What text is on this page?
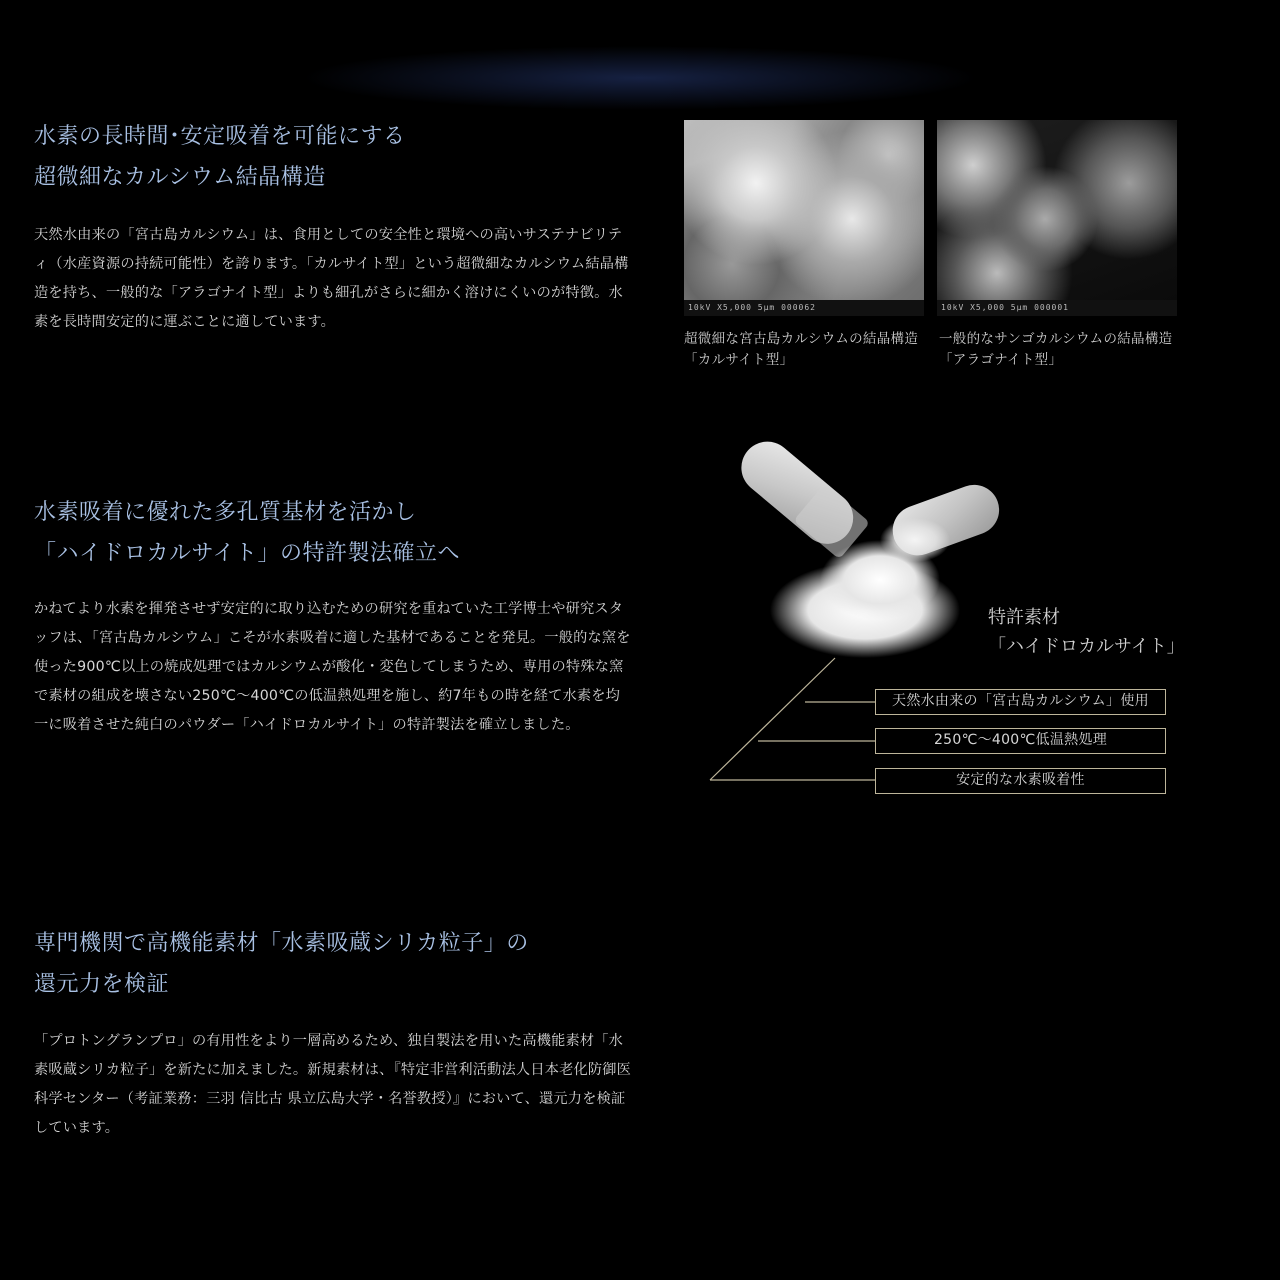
水素の長時間･安定吸着を可能にする
超微細なカルシウム結晶構造

天然水由来の「宮古島カルシウム」は、食用としての安全性と環境への高いサステナビリティ（水産資源の持続可能性）を誇ります。「カルサイト型」という超微細なカルシウム結晶構造を持ち、一般的な「アラゴナイト型」よりも細孔がさらに細かく溶けにくいのが特徴。水素を長時間安定的に運ぶことに適しています。

10kV X5,000 5μm 000062	10kV X5,000 5μm 000001

超微細な宮古島カルシウムの結晶構造「カルサイト型」

一般的なサンゴカルシウムの結晶構造「アラゴナイト型」

水素吸着に優れた多孔質基材を活かし
「ハイドロカルサイト」の特許製法確立へ

かねてより水素を揮発させず安定的に取り込むための研究を重ねていた工学博士や研究スタッフは、「宮古島カルシウム」こそが水素吸着に適した基材であることを発見。一般的な窯を使った900℃以上の焼成処理ではカルシウムが酸化・変色してしまうため、専用の特殊な窯で素材の組成を壊さない250℃～400℃の低温熱処理を施し、約7年もの時を経て水素を均一に吸着させた純白のパウダー「ハイドロカルサイト」の特許製法を確立しました。

特許素材
「ハイドロカルサイト」

天然水由来の「宮古島カルシウム」使用
250℃～400℃低温熱処理
安定的な水素吸着性
専門機関で高機能素材「水素吸蔵シリカ粒子」の
還元力を検証

「プロトングランプロ」の有用性をより一層高めるため、独自製法を用いた高機能素材「水素吸蔵シリカ粒子」を新たに加えました。新規素材は、『特定非営利活動法人日本老化防御医科学センター（考証業務：三羽 信比古 県立広島大学・名誉教授）』において、還元力を検証しています。
